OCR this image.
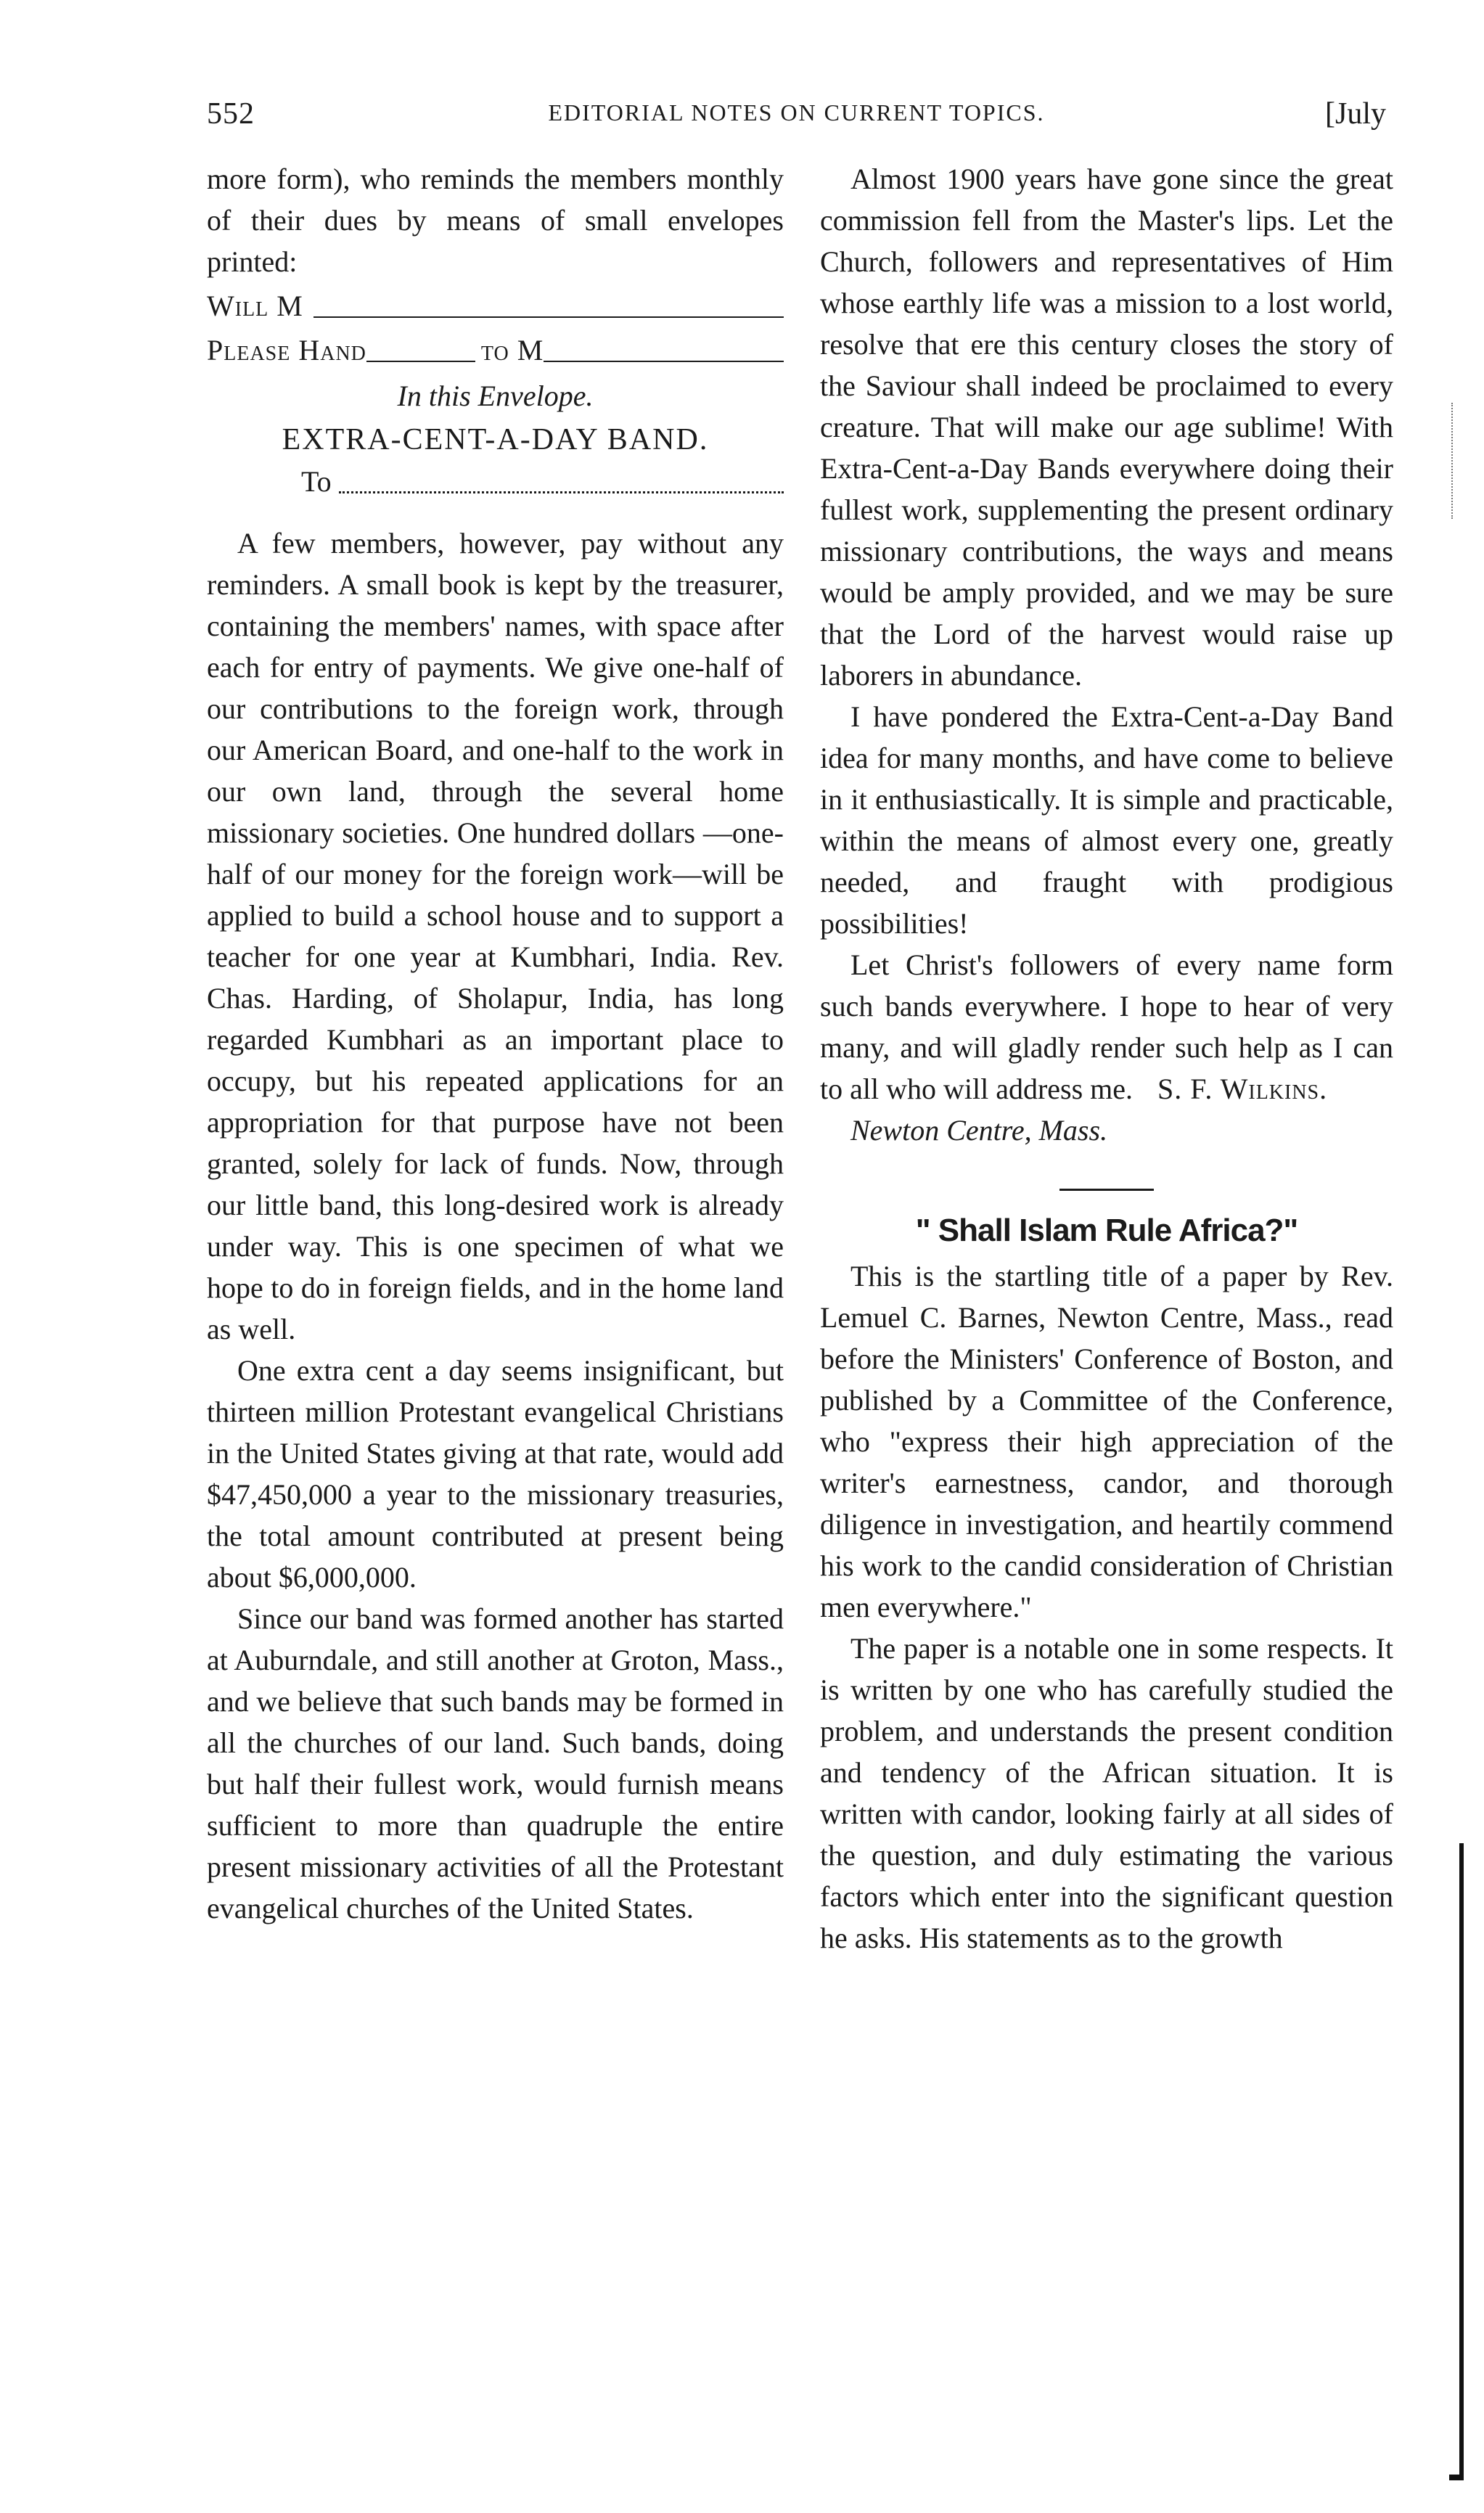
552	EDITORIAL NOTES ON CURRENT TOPICS.	[July

more form), who reminds the members monthly of their dues by means of small envelopes printed:

Will M
Please Hand	to M
In this Envelope.
EXTRA-CENT-A-DAY BAND.
To

A few members, however, pay without any reminders. A small book is kept by the treasurer, containing the members' names, with space after each for entry of payments. We give one-half of our contributions to the foreign work, through our American Board, and one-half to the work in our own land, through the several home missionary societies. One hundred dollars —one-half of our money for the foreign work—will be applied to build a school house and to support a teacher for one year at Kumbhari, India. Rev. Chas. Harding, of Sholapur, India, has long regarded Kumbhari as an important place to occupy, but his repeated applications for an appropriation for that purpose have not been granted, solely for lack of funds. Now, through our little band, this long-desired work is already under way. This is one specimen of what we hope to do in foreign fields, and in the home land as well.

One extra cent a day seems insignificant, but thirteen million Protestant evangelical Christians in the United States giving at that rate, would add $47,450,000 a year to the missionary treasuries, the total amount contributed at present being about $6,000,000.

Since our band was formed another has started at Auburndale, and still another at Groton, Mass., and we believe that such bands may be formed in all the churches of our land. Such bands, doing but half their fullest work, would furnish means sufficient to more than quadruple the entire present missionary activities of all the Protestant evangelical churches of the United States.

Almost 1900 years have gone since the great commission fell from the Master's lips. Let the Church, followers and representatives of Him whose earthly life was a mission to a lost world, resolve that ere this century closes the story of the Saviour shall indeed be proclaimed to every creature. That will make our age sublime! With Extra-Cent-a-Day Bands everywhere doing their fullest work, supplementing the present ordinary missionary contributions, the ways and means would be amply provided, and we may be sure that the Lord of the harvest would raise up laborers in abundance.

I have pondered the Extra-Cent-a-Day Band idea for many months, and have come to believe in it enthusiastically. It is simple and practicable, within the means of almost every one, greatly needed, and fraught with prodigious possibilities!

Let Christ's followers of every name form such bands everywhere. I hope to hear of very many, and will gladly render such help as I can to all who will address me. S. F. Wilkins.

Newton Centre, Mass.

" Shall Islam Rule Africa?"

This is the startling title of a paper by Rev. Lemuel C. Barnes, Newton Centre, Mass., read before the Ministers' Conference of Boston, and published by a Committee of the Conference, who "express their high appreciation of the writer's earnestness, candor, and thorough diligence in investigation, and heartily commend his work to the candid consideration of Christian men everywhere."

The paper is a notable one in some respects. It is written by one who has carefully studied the problem, and understands the present condition and tendency of the African situation. It is written with candor, looking fairly at all sides of the question, and duly estimating the various factors which enter into the significant question he asks. His statements as to the growth
